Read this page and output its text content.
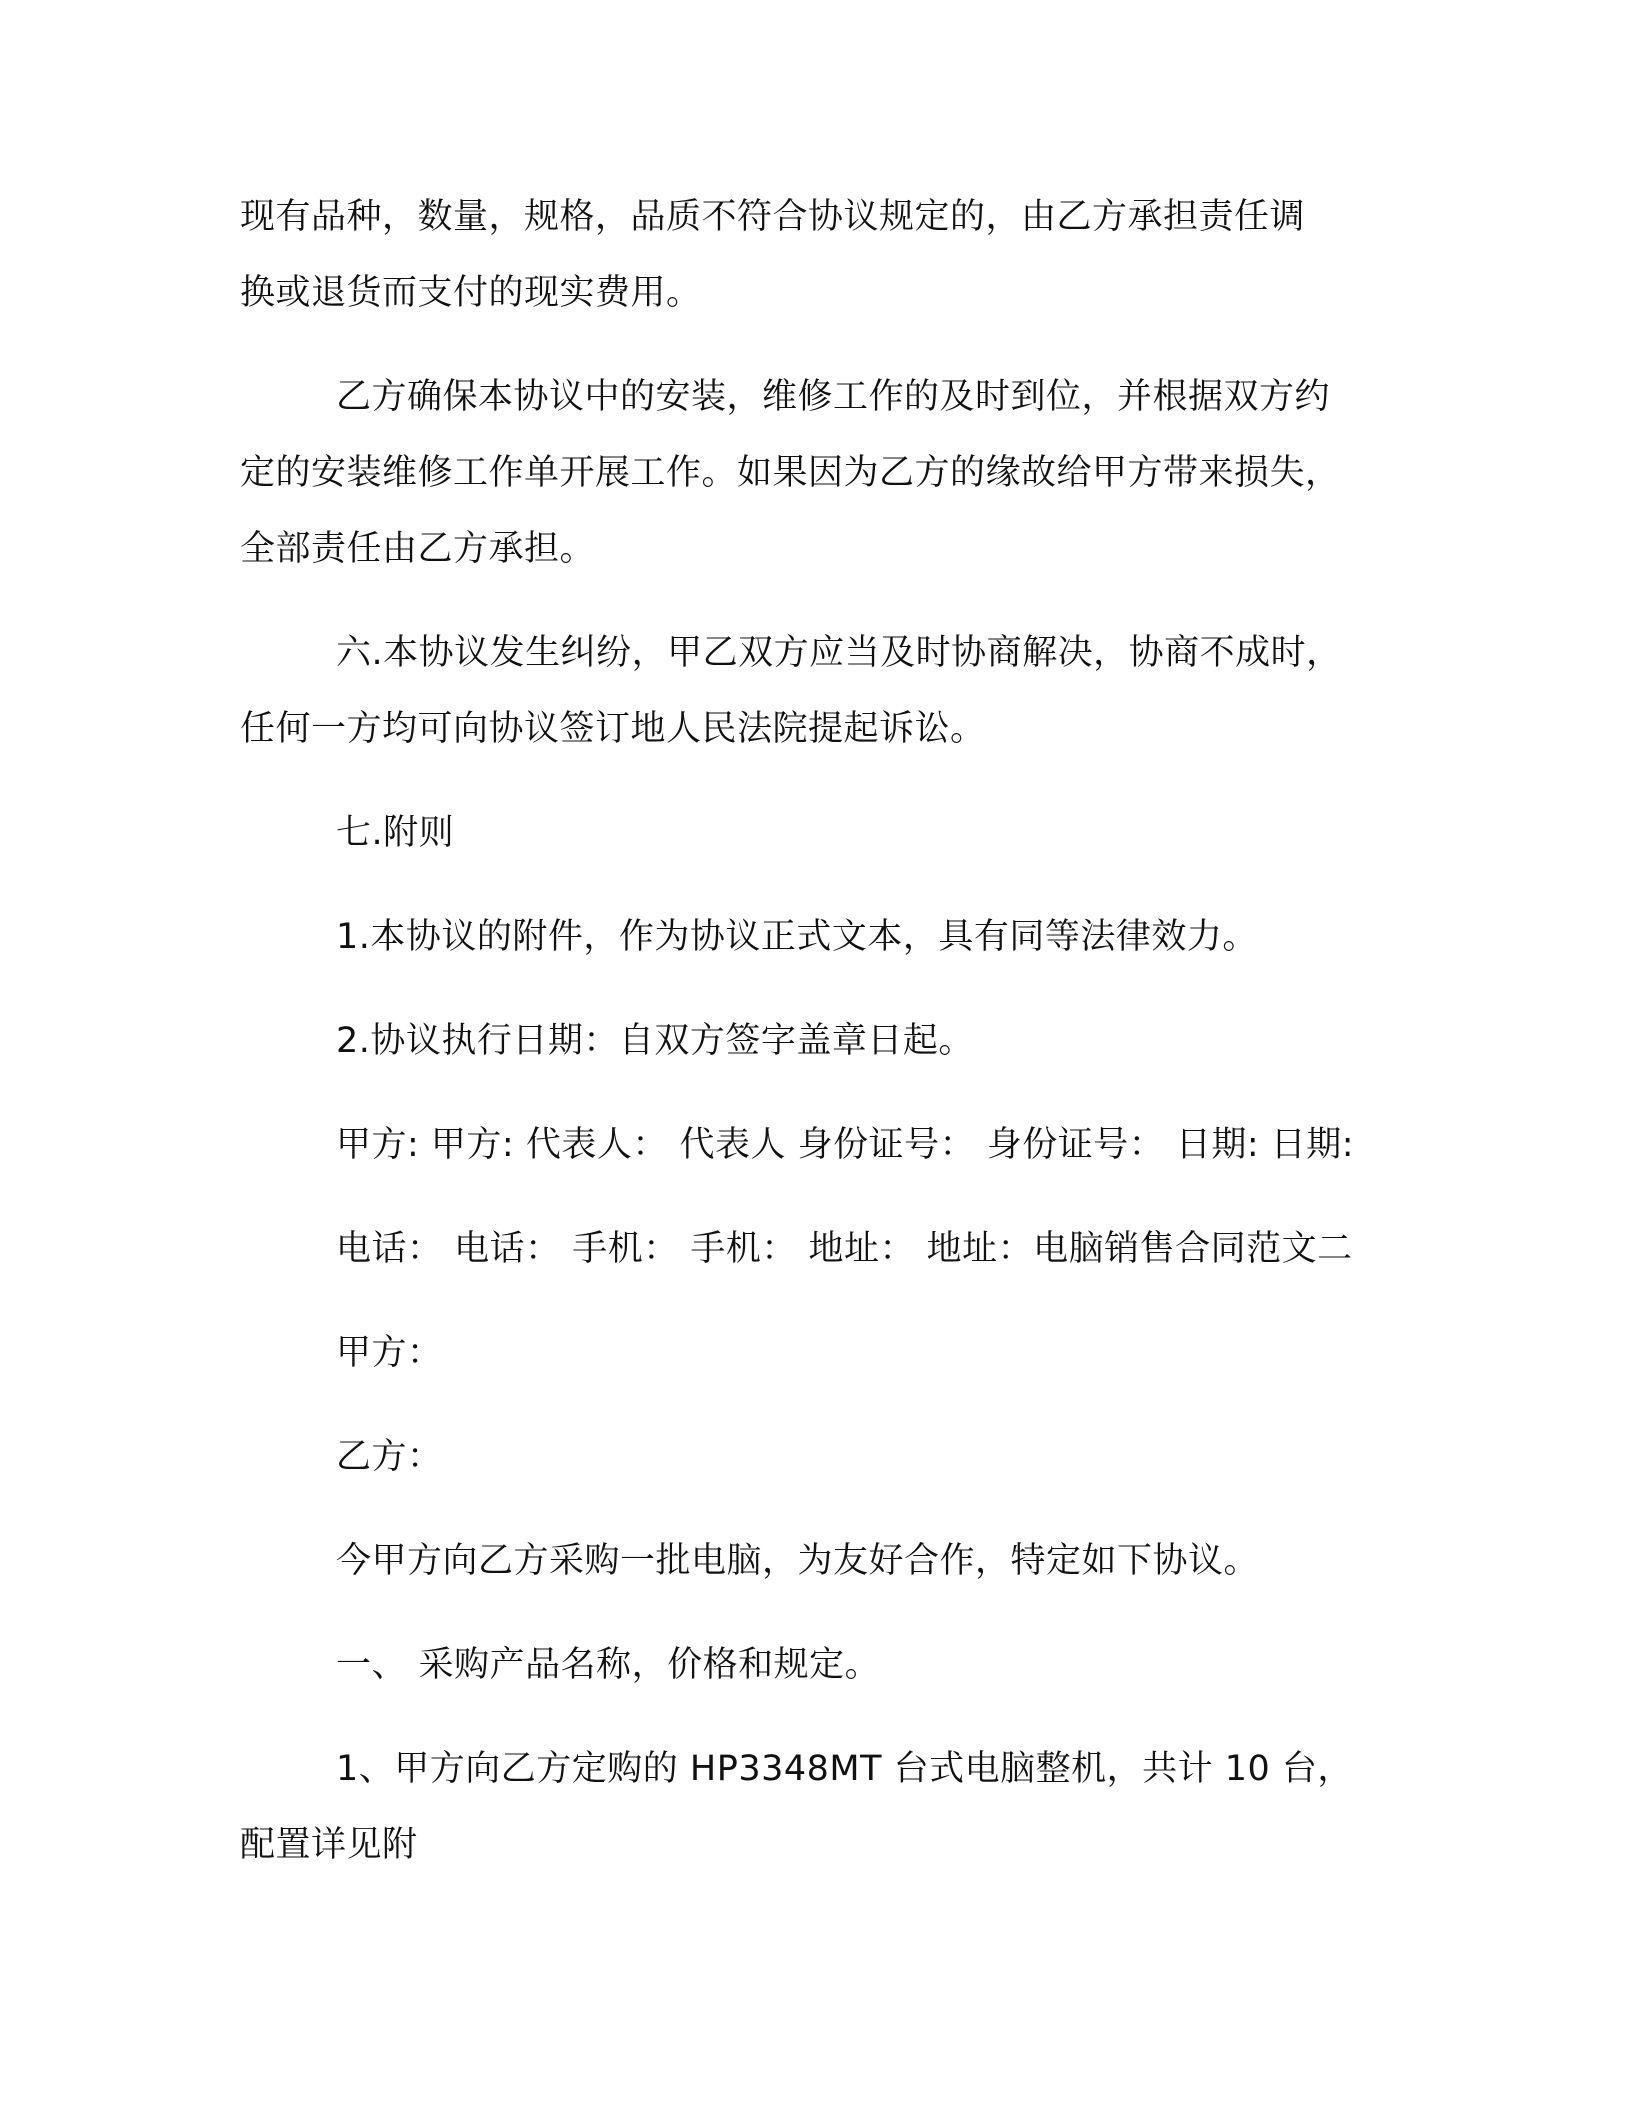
现有品种，数量，规格，品质不符合协议规定的，由乙方承担责任调
换或退货而支付的现实费用。
乙方确保本协议中的安装，维修工作的及时到位，并根据双方约
定的安装维修工作单开展工作。如果因为乙方的缘故给甲方带来损失，
全部责任由乙方承担。
六.本协议发生纠纷，甲乙双方应当及时协商解决，协商不成时，
任何一方均可向协议签订地人民法院提起诉讼。
七.附则
1.本协议的附件，作为协议正式文本，具有同等法律效力。
2.协议执行日期：自双方签字盖章日起。
甲方: 甲方: 代表人： 代表人 身份证号： 身份证号： 日期: 日期:
电话： 电话： 手机： 手机： 地址： 地址：电脑销售合同范文二
甲方：
乙方：
今甲方向乙方采购一批电脑，为友好合作，特定如下协议。
一、 采购产品名称，价格和规定。
1、甲方向乙方定购的 HP3348MT 台式电脑整机，共计 10 台，
配置详见附
